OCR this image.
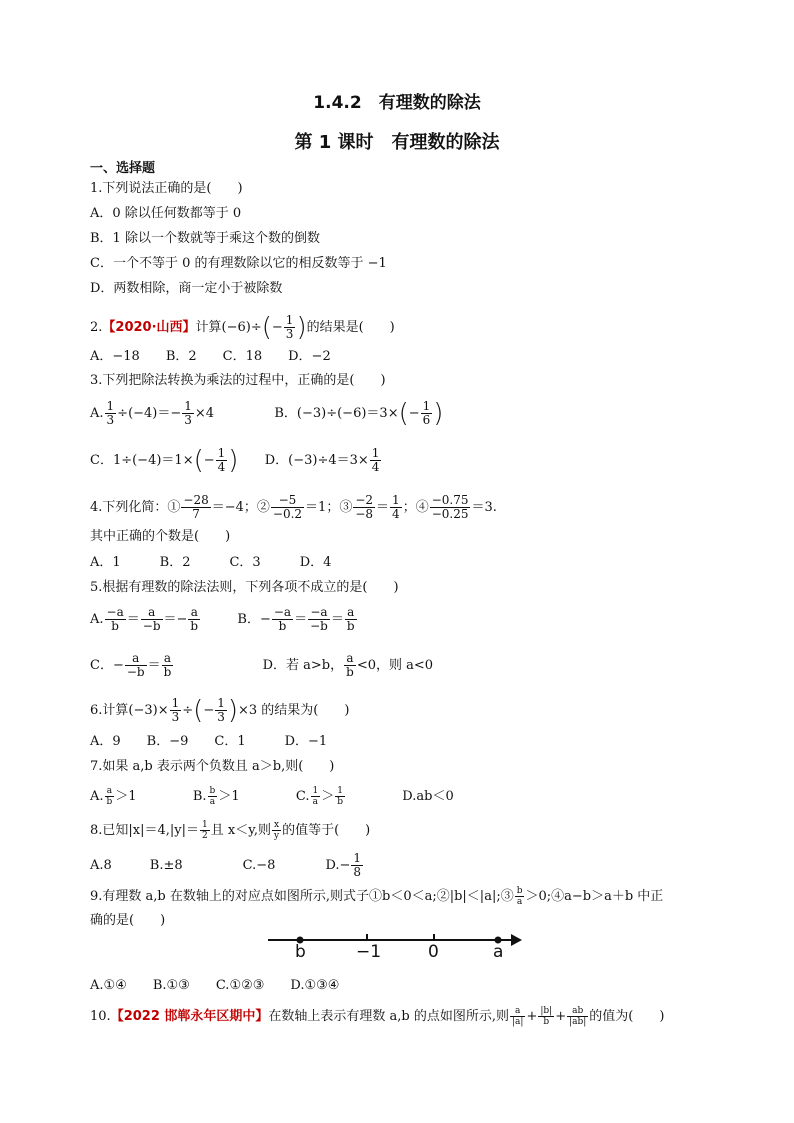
1.4.2　有理数的除法
第 1 课时　有理数的除法
一、选择题
1.下列说法正确的是(　　)
A．0 除以任何数都等于 0
B．1 除以一个数就等于乘这个数的倒数
C．一个不等于 0 的有理数除以它的相反数等于 −1
D．两数相除，商一定小于被除数
2.【2020·山西】计算$(-6)\div(- \frac{1}{3}$ )的结果是(　　)
A．−18　　B．2　　C．18　　D．−2
3.下列把除法转换为乘法的过程中，正确的是(　　)
A. $\frac{1}{3} \div(-4)=- \frac{1}{3} \times 4$	B．$(-3)\div(-6)=3\times(- \frac{1}{6}$ )
C．$1\div(-4)=1\times(- \frac{1}{4}$ ) D．$(-3)\div 4=3\times \frac{1}{4}$
4.下列化简：① $\frac{-28}{7} =-4$；② $\frac{-5}{-0.2} =1$；③ $\frac{-2}{-8} = \frac{1}{4}$ ；④ $\frac{-0.75}{-0.25} =3$.
其中正确的个数是(　　)
A．1　　　B．2　　　C．3　　　D．4
5.根据有理数的除法法则，下列各项不成立的是(　　)
A. $\frac{-a}{b} = \frac{a}{-b} =- \frac{a}{b}$	B．− $\frac{-a}{b} = \frac{-a}{-b} = \frac{a}{b}$
C．− $\frac{a}{-b} = \frac{a}{b}$	D．若 a>b， $\frac{a}{b} <0$，则 a<0
6.计算$(-3)\times \frac{1}{3}$ ÷(− $\frac{1}{3} )\times 3$ 的结果为(　　)
A．9　　B．−9　　C．1　　　D．−1
7.如果 a,b 表示两个负数且 a＞b,则(　　)
A. $\frac{a}{b} >1$	B. $\frac{b}{a} >1$	C. $\frac{1}{a} > \frac{1}{b}$	D.ab＜0
8.已知$|x|=4,|y|= \frac{1}{2}$ 且 x＜y,则 $\frac{x}{y}$ 的值等于(　　)
A.8	B.±8	C.−8	$D.- \frac{1}{8}$
9.有理数 a,b 在数轴上的对应点如图所示,则式子①b＜0＜a;②|b|＜|a|;③ $\frac{b}{a}$ ＞0;④a−b＞a＋b 中正
确的是(　　)
b	−1	0	a
A.①④　　B.①③　　C.①②③　　D.①③④
10.【2022 邯郸永年区期中】在数轴上表示有理数 a,b 的点如图所示,则 $\frac{a}{|a|} + \frac{|b|}{b} + \frac{ab}{|ab|}$ 的值为(　　)
